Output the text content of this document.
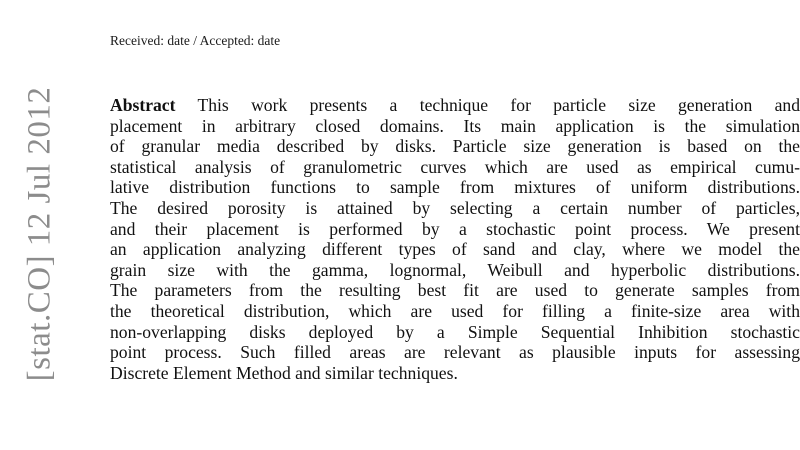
[stat.CO] 12 Jul 2012
Received: date / Accepted: date
Abstract This work presents a technique for particle size generation and
placement in arbitrary closed domains. Its main application is the simulation
of granular media described by disks. Particle size generation is based on the
statistical analysis of granulometric curves which are used as empirical cumu-
lative distribution functions to sample from mixtures of uniform distributions.
The desired porosity is attained by selecting a certain number of particles,
and their placement is performed by a stochastic point process. We present
an application analyzing different types of sand and clay, where we model the
grain size with the gamma, lognormal, Weibull and hyperbolic distributions.
The parameters from the resulting best fit are used to generate samples from
the theoretical distribution, which are used for filling a finite-size area with
non-overlapping disks deployed by a Simple Sequential Inhibition stochastic
point process. Such filled areas are relevant as plausible inputs for assessing
Discrete Element Method and similar techniques.
